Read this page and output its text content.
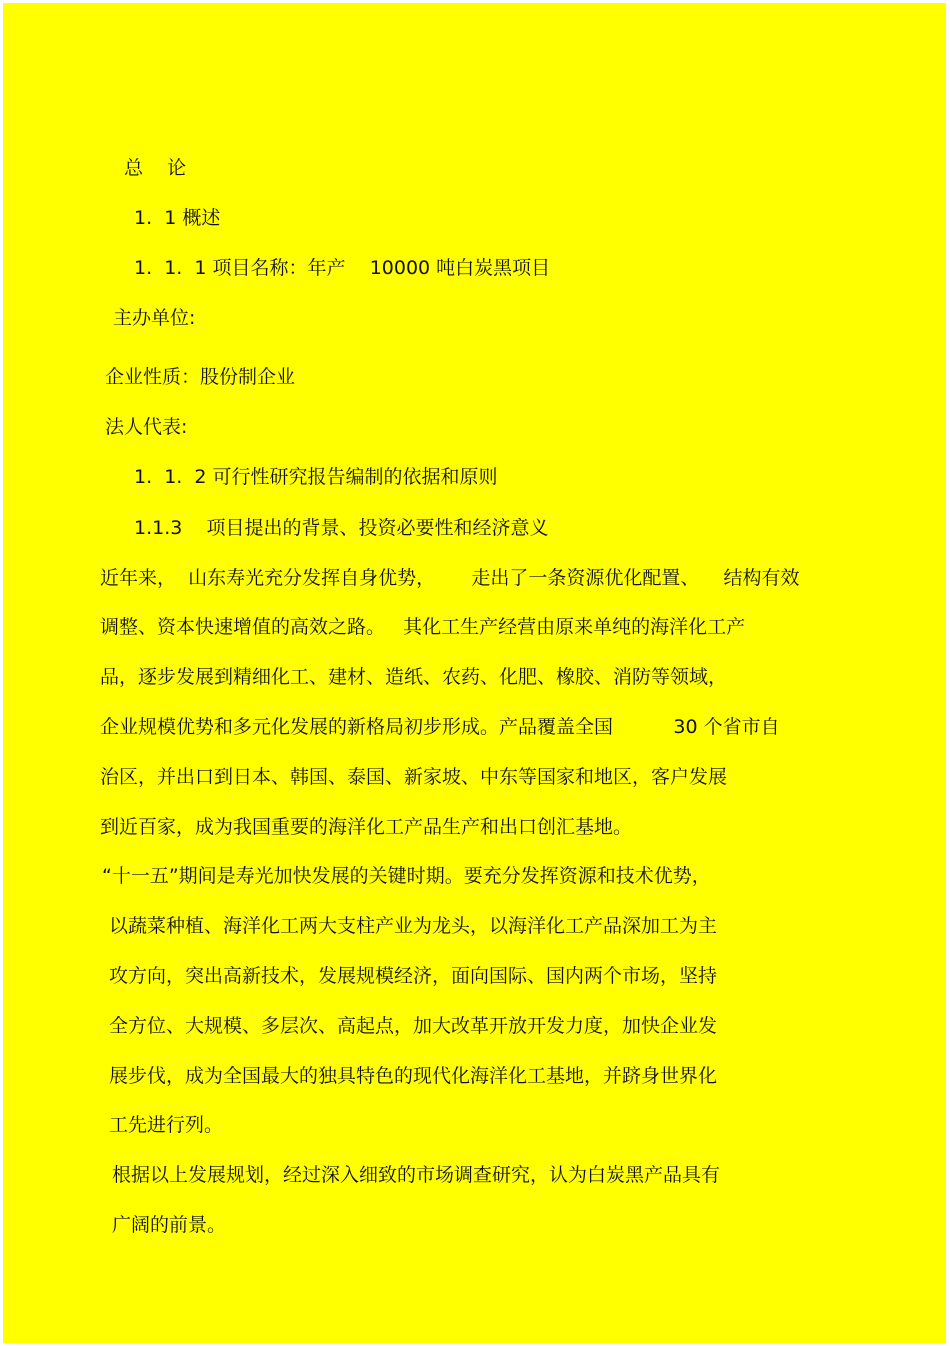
总    论
1.  1 概述
1.  1.  1 项目名称：年产    10000 吨白炭黑项目
主办单位:
企业性质：股份制企业
法人代表:
1.  1.  2 可行性研究报告编制的依据和原则
1.1.3    项目提出的背景、投资必要性和经济意义
近年来，  山东寿光充分发挥自身优势，      走出了一条资源优化配置、    结构有效
调整、资本快速增值的高效之路。   其化工生产经营由原来单纯的海洋化工产
品，逐步发展到精细化工、建材、造纸、农药、化肥、橡胶、消防等领域，
企业规模优势和多元化发展的新格局初步形成。产品覆盖全国          30 个省市自
治区，并出口到日本、韩国、泰国、新家坡、中东等国家和地区，客户发展
到近百家，成为我国重要的海洋化工产品生产和出口创汇基地。
“十一五”期间是寿光加快发展的关键时期。要充分发挥资源和技术优势，
以蔬菜种植、海洋化工两大支柱产业为龙头，以海洋化工产品深加工为主
攻方向，突出高新技术，发展规模经济，面向国际、国内两个市场，坚持
全方位、大规模、多层次、高起点，加大改革开放开发力度，加快企业发
展步伐，成为全国最大的独具特色的现代化海洋化工基地，并跻身世界化
工先进行列。
根据以上发展规划，经过深入细致的市场调查研究，认为白炭黑产品具有
广阔的前景。
